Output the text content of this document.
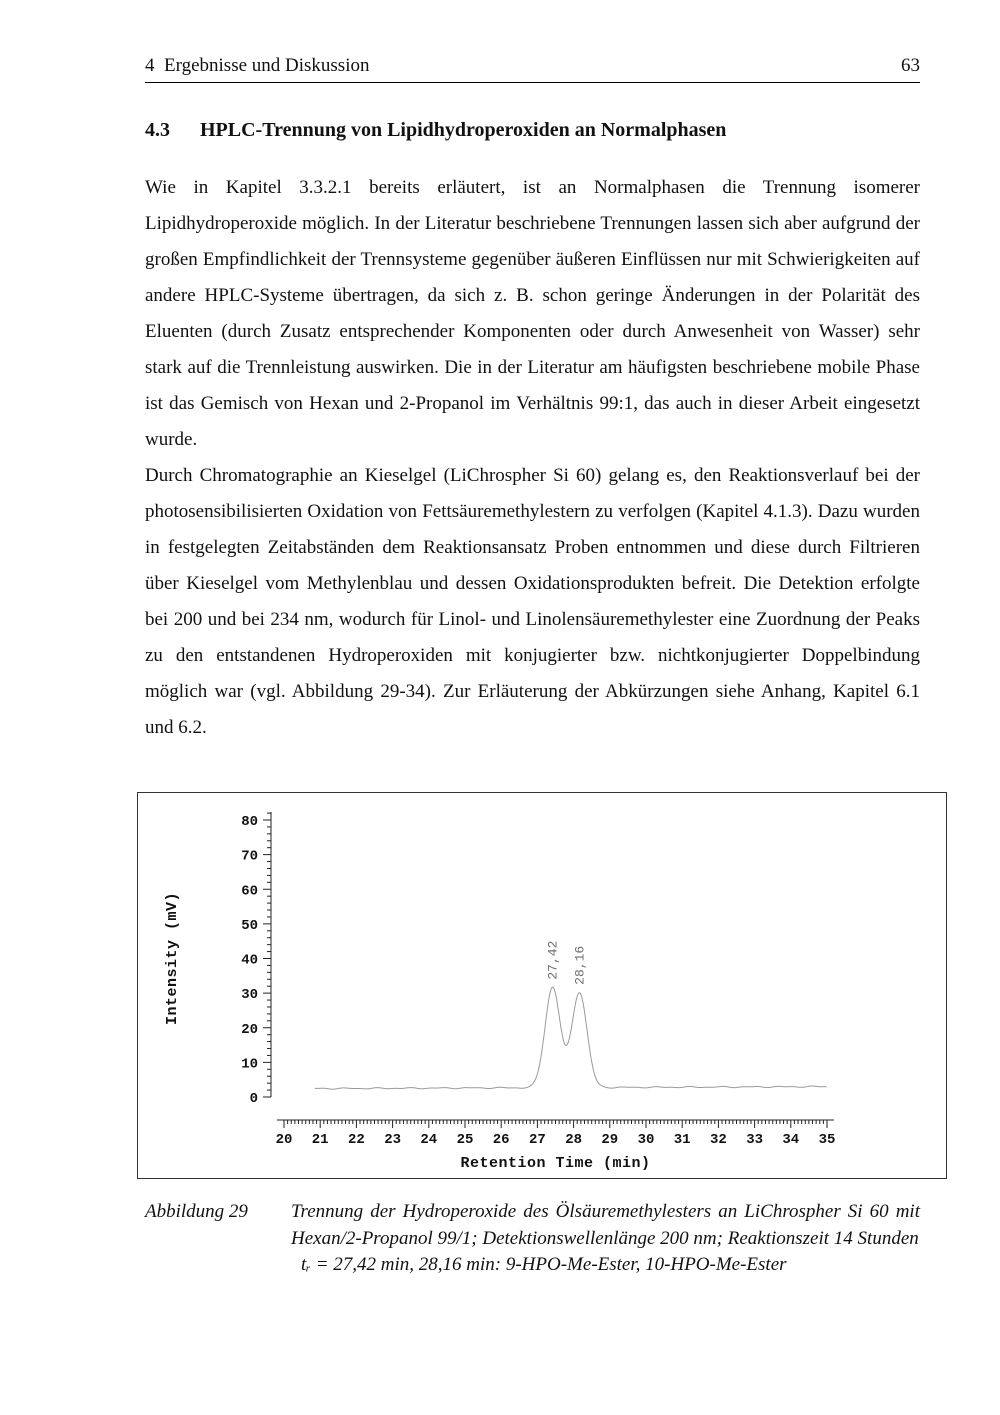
4  Ergebnisse und Diskussion	63
4.3 HPLC-Trennung von Lipidhydroperoxiden an Normalphasen

Wie in Kapitel 3.3.2.1 bereits erläutert, ist an Normalphasen die Trennung isomerer Lipidhydroperoxide möglich. In der Literatur beschriebene Trennungen lassen sich aber aufgrund der großen Empfindlichkeit der Trennsysteme gegenüber äußeren Einflüssen nur mit Schwierigkeiten auf andere HPLC-Systeme übertragen, da sich z. B. schon geringe Änderungen in der Polarität des Eluenten (durch Zusatz entsprechender Komponenten oder durch Anwesenheit von Wasser) sehr stark auf die Trennleistung auswirken. Die in der Literatur am häufigsten beschriebene mobile Phase ist das Gemisch von Hexan und 2-Propanol im Verhältnis 99:1, das auch in dieser Arbeit eingesetzt wurde.

Durch Chromatographie an Kieselgel (LiChrospher Si 60) gelang es, den Reaktionsverlauf bei der photosensibilisierten Oxidation von Fettsäuremethylestern zu verfolgen (Kapitel 4.1.3). Dazu wurden in festgelegten Zeitabständen dem Reaktionsansatz Proben entnommen und diese durch Filtrieren über Kieselgel vom Methylenblau und dessen Oxidationsprodukten befreit. Die Detektion erfolgte bei 200 und bei 234 nm, wodurch für Linol- und Linolensäuremethylester eine Zuordnung der Peaks zu den entstandenen Hydroperoxiden mit konjugierter bzw. nichtkonjugierter Doppelbindung möglich war (vgl. Abbildung 29-34). Zur Erläuterung der Abkürzungen siehe Anhang, Kapitel 6.1 und 6.2.

0
10
20
30
40
50
60
70
80
20 21 22 23 24 25 26 27 28 29 30 31 32 33 34 35
Retention Time (min)
Intensity (mV)	27,42 28,16
Abbildung 29	Trennung der Hydroperoxide des Ölsäuremethylesters an LiChrospher Si 60 mit Hexan/2-Propanol 99/1; Detektionswellenlänge 200 nm; Reaktionszeit 14 Stunden
tᵣ = 27,42 min, 28,16 min: 9-HPO-Me-Ester, 10-HPO-Me-Ester
